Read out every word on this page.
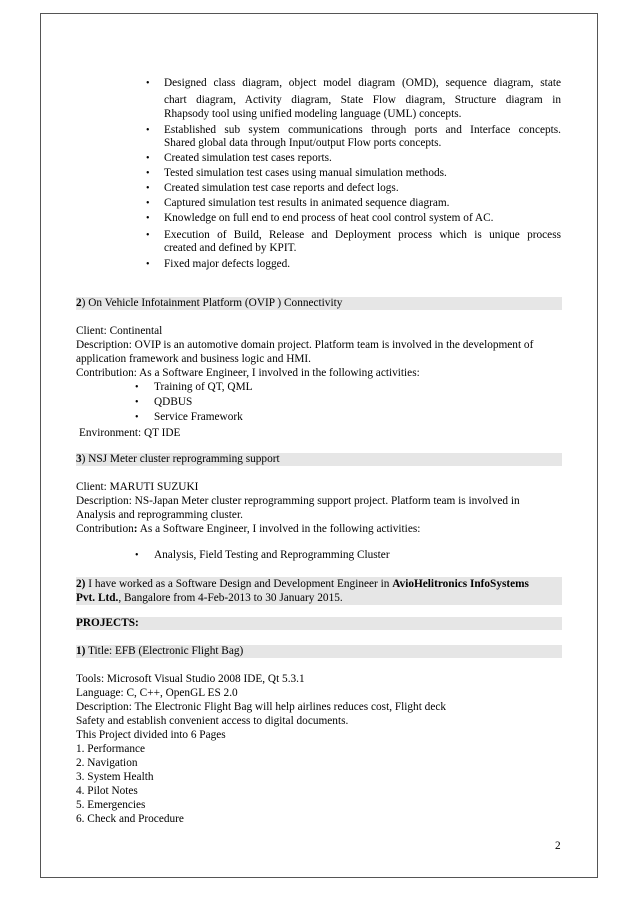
• Designed class diagram, object model diagram (OMD), sequence diagram, state
chart diagram, Activity diagram, State Flow diagram, Structure diagram in
Rhapsody tool using unified modeling language (UML) concepts.
• Established sub system communications through ports and Interface concepts.
Shared global data through Input/output Flow ports concepts.
• Created simulation test cases reports.
• Tested simulation test cases using manual simulation methods.
• Created simulation test case reports and defect logs.
• Captured simulation test results in animated sequence diagram.
• Knowledge on full end to end process of heat cool control system of AC.
• Execution of Build, Release and Deployment process which is unique process
created and defined by KPIT.
• Fixed major defects logged.
2) On Vehicle Infotainment Platform (OVIP ) Connectivity
Client: Continental
Description: OVIP is an automotive domain project. Platform team is involved in the development of
application framework and business logic and HMI.
Contribution: As a Software Engineer, I involved in the following activities:
• Training of QT, QML
• QDBUS
• Service Framework
Environment: QT IDE
3) NSJ Meter cluster reprogramming support
Client: MARUTI SUZUKI
Description: NS-Japan Meter cluster reprogramming support project. Platform team is involved in
Analysis and reprogramming cluster.
Contribution: As a Software Engineer, I involved in the following activities:
• Analysis, Field Testing and Reprogramming Cluster
2) I have worked as a Software Design and Development Engineer in AvioHelitronics InfoSystems
Pvt. Ltd., Bangalore from 4-Feb-2013 to 30 January 2015.
PROJECTS:
1) Title: EFB (Electronic Flight Bag)
Tools: Microsoft Visual Studio 2008 IDE, Qt 5.3.1
Language: C, C++, OpenGL ES 2.0
Description: The Electronic Flight Bag will help airlines reduces cost, Flight deck
Safety and establish convenient access to digital documents.
This Project divided into 6 Pages
1. Performance
2. Navigation
3. System Health
4. Pilot Notes
5. Emergencies
6. Check and Procedure
2
